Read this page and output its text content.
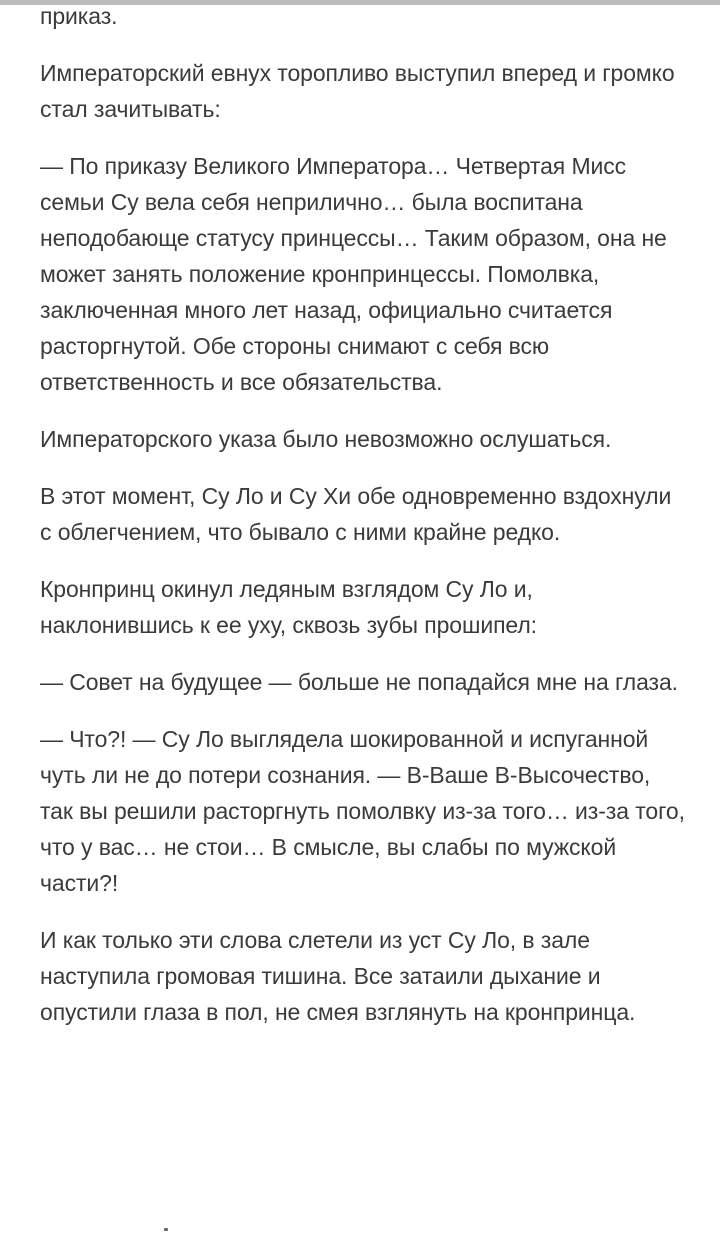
приказ.

Императорский евнух торопливо выступил вперед и громко стал зачитывать:

— По приказу Великого Императора… Четвертая Мисс семьи Су вела себя неприлично… была воспитана неподобающе статусу принцессы… Таким образом, она не может занять положение кронпринцессы. Помолвка, заключенная много лет назад, официально считается расторгнутой. Обе стороны снимают с себя всю ответственность и все обязательства.

Императорского указа было невозможно ослушаться.

В этот момент, Су Ло и Су Хи обе одновременно вздохнули с облегчением, что бывало с ними крайне редко.

Кронпринц окинул ледяным взглядом Су Ло и, наклонившись к ее уху, сквозь зубы прошипел:

— Совет на будущее — больше не попадайся мне на глаза.

— Что?! — Су Ло выглядела шокированной и испуганной чуть ли не до потери сознания. — В-Ваше В-Высочество, так вы решили расторгнуть помолвку из-за того… из-за того, что у вас… не стои… В смысле, вы слабы по мужской части?!

И как только эти слова слетели из уст Су Ло, в зале наступила громовая тишина. Все затаили дыхание и опустили глаза в пол, не смея взглянуть на кронпринца.
